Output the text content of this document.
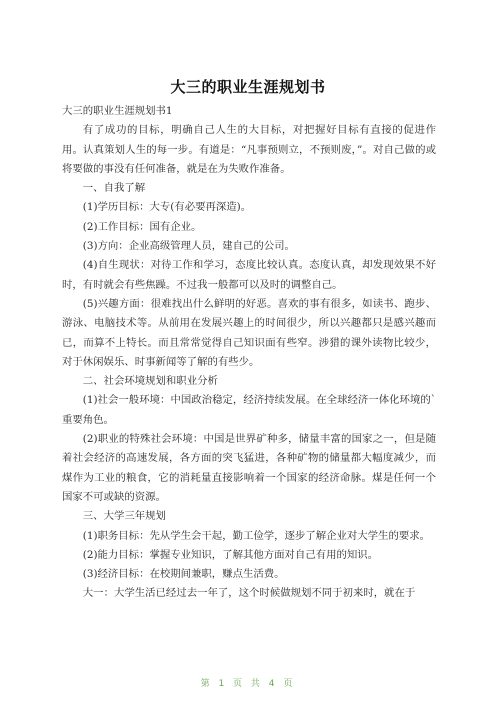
大三的职业生涯规划书

大三的职业生涯规划书1

有了成功的目标，明确自己人生的大目标，对把握好目标有直接的促进作用。认真策划人生的每一步。有道是：“凡事预则立，不预则废，”。对自己做的或将要做的事没有任何准备，就是在为失败作准备。

一、自我了解

(1)学历目标：大专(有必要再深造)。

(2)工作目标：国有企业。

(3)方向：企业高级管理人员，建自己的公司。

(4)自生现状：对待工作和学习，态度比较认真。态度认真，却发现效果不好时，有时就会有些焦躁。不过我一般都可以及时的调整自己。

(5)兴趣方面：很难找出什么鲜明的好恶。喜欢的事有很多，如读书、跑步、游泳、电脑技术等。从前用在发展兴趣上的时间很少，所以兴趣都只是感兴趣而已，而算不上特长。而且常常觉得自己知识面有些窄。涉猎的课外读物比较少，对于休闲娱乐、时事新闻等了解的有些少。

二、社会环境规划和职业分析

(1)社会一般环境：中国政治稳定，经济持续发展。在全球经济一体化环境的`重要角色。

(2)职业的特殊社会环境：中国是世界矿种多，储量丰富的国家之一，但是随着社会经济的高速发展，各方面的突飞猛进，各种矿物的储量都大幅度减少，而煤作为工业的粮食，它的消耗量直接影响着一个国家的经济命脉。煤是任何一个国家不可或缺的资源。

三、大学三年规划

(1)职务目标：先从学生会干起，勤工俭学，逐步了解企业对大学生的要求。

(2)能力目标：掌握专业知识，了解其他方面对自己有用的知识。

(3)经济目标：在校期间兼职，赚点生活费。

大一：大学生活已经过去一年了，这个时候做规划不同于初来时，就在于

第 1 页 共 4 页
